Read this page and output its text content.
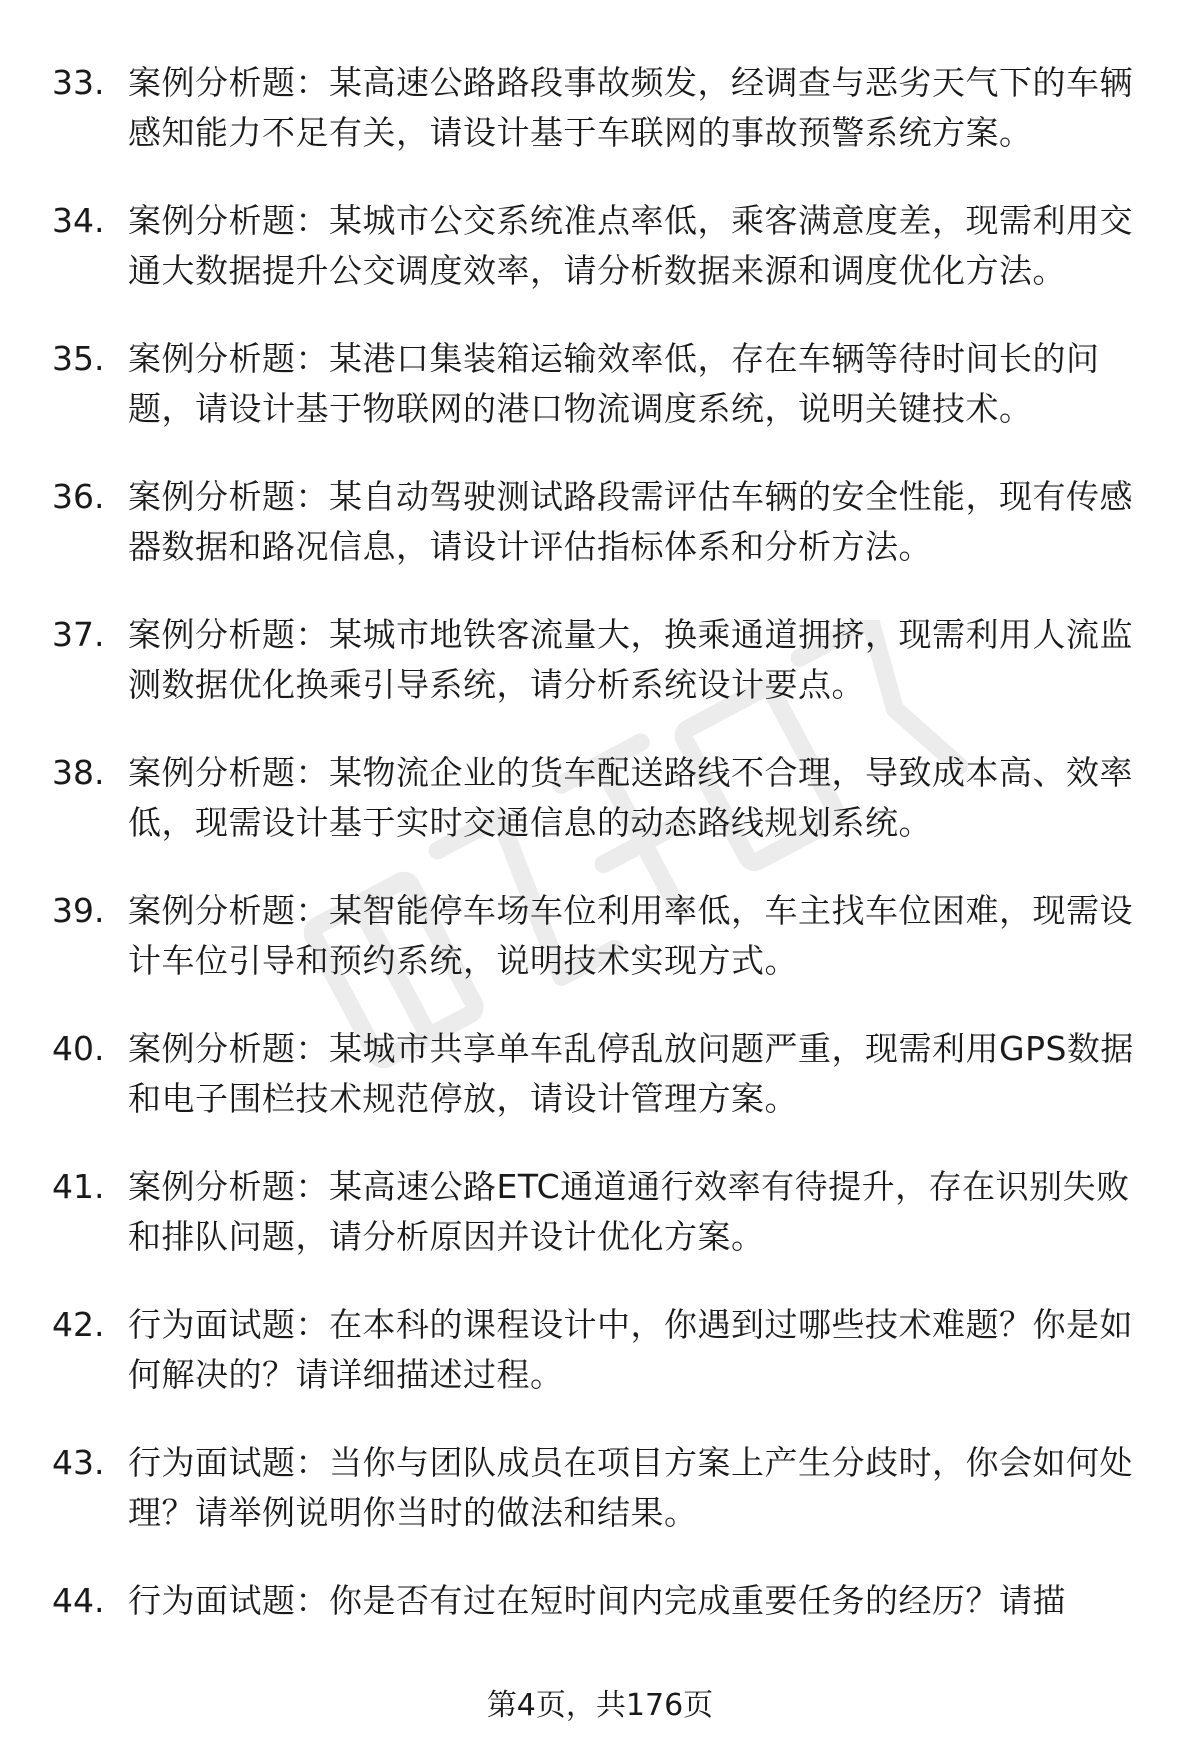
33. 案例分析题：某高速公路路段事故频发，经调查与恶劣天气下的车辆感知能力不足有关，请设计基于车联网的事故预警系统方案。
34. 案例分析题：某城市公交系统准点率低，乘客满意度差，现需利用交通大数据提升公交调度效率，请分析数据来源和调度优化方法。
35. 案例分析题：某港口集装箱运输效率低，存在车辆等待时间长的问题，请设计基于物联网的港口物流调度系统，说明关键技术。
36. 案例分析题：某自动驾驶测试路段需评估车辆的安全性能，现有传感器数据和路况信息，请设计评估指标体系和分析方法。
37. 案例分析题：某城市地铁客流量大，换乘通道拥挤，现需利用人流监测数据优化换乘引导系统，请分析系统设计要点。
38. 案例分析题：某物流企业的货车配送路线不合理，导致成本高、效率低，现需设计基于实时交通信息的动态路线规划系统。
39. 案例分析题：某智能停车场车位利用率低，车主找车位困难，现需设计车位引导和预约系统，说明技术实现方式。
40. 案例分析题：某城市共享单车乱停乱放问题严重，现需利用GPS数据和电子围栏技术规范停放，请设计管理方案。
41. 案例分析题：某高速公路ETC通道通行效率有待提升，存在识别失败和排队问题，请分析原因并设计优化方案。
42. 行为面试题：在本科的课程设计中，你遇到过哪些技术难题？你是如何解决的？请详细描述过程。
43. 行为面试题：当你与团队成员在项目方案上产生分歧时，你会如何处理？请举例说明你当时的做法和结果。
44. 行为面试题：你是否有过在短时间内完成重要任务的经历？请描
第4页，共176页
